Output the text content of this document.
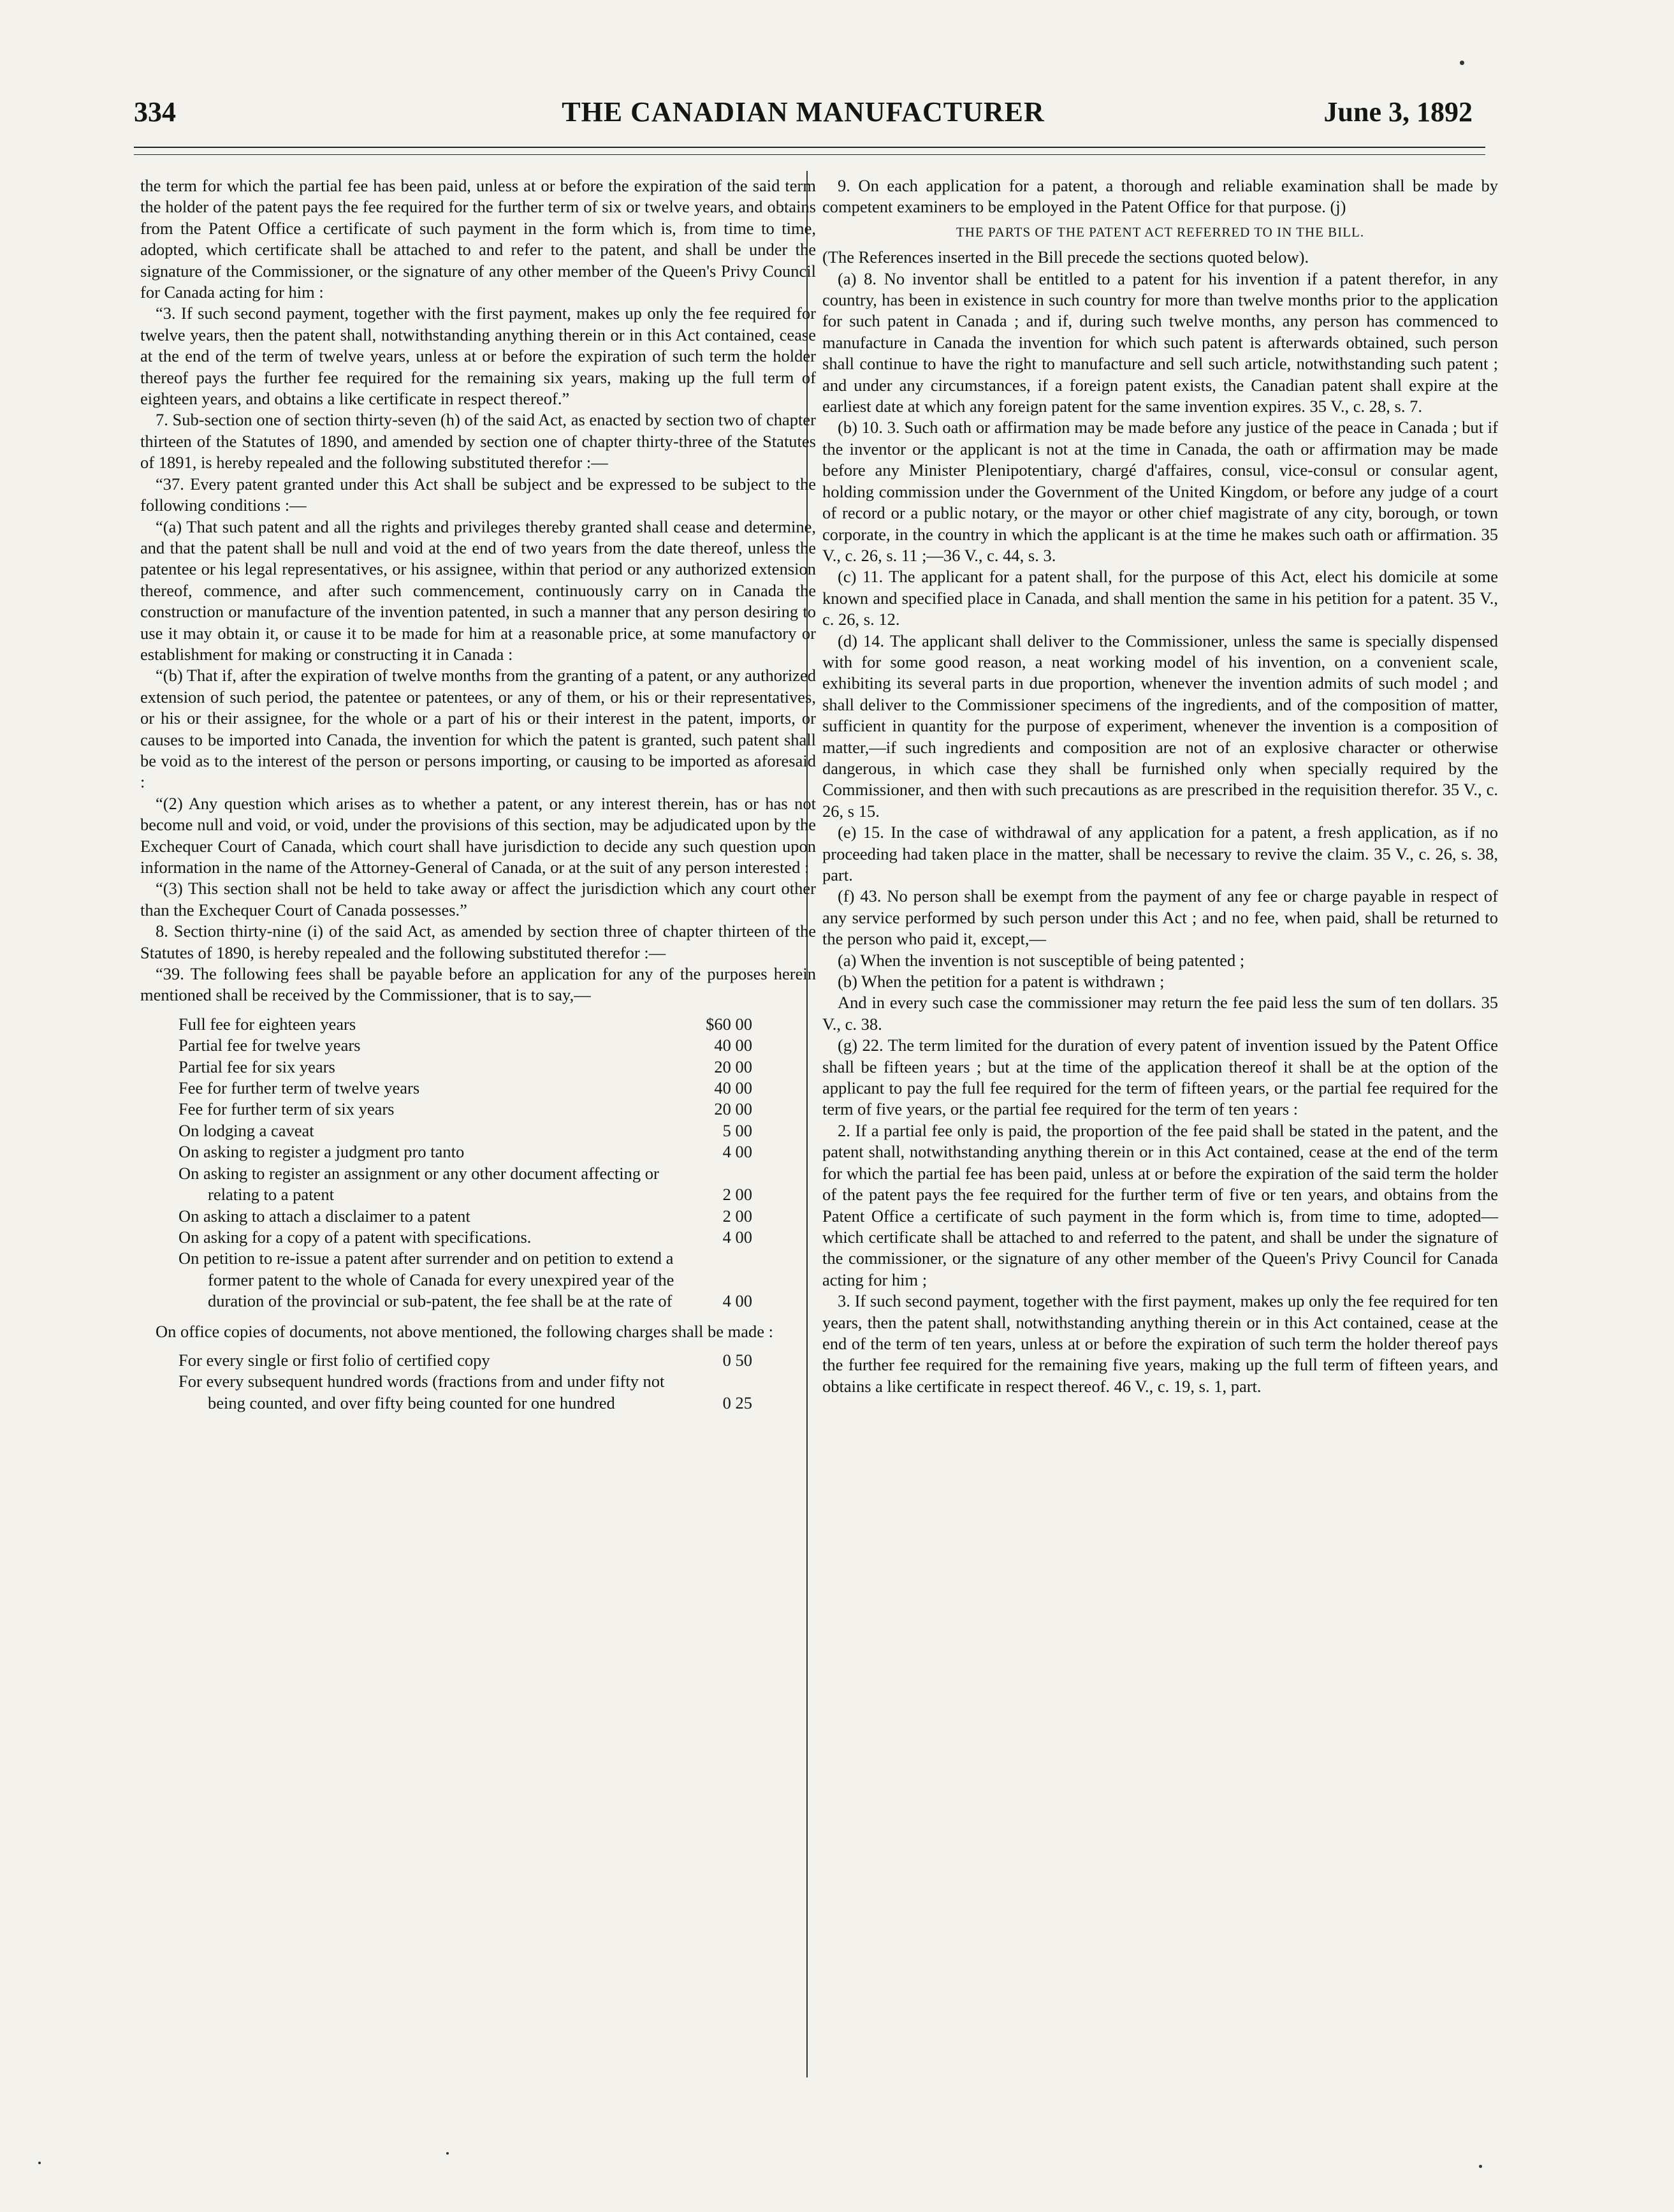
334	THE CANADIAN MANUFACTURER	June 3, 1892

the term for which the partial fee has been paid, unless at or before the expiration of the said term the holder of the patent pays the fee required for the further term of six or twelve years, and obtains from the Patent Office a certificate of such payment in the form which is, from time to time, adopted, which certificate shall be attached to and refer to the patent, and shall be under the signature of the Commissioner, or the signature of any other member of the Queen's Privy Council for Canada acting for him :

“3. If such second payment, together with the first payment, makes up only the fee required for twelve years, then the patent shall, notwithstanding anything therein or in this Act contained, cease at the end of the term of twelve years, unless at or before the expiration of such term the holder thereof pays the further fee required for the remaining six years, making up the full term of eighteen years, and obtains a like certificate in respect thereof.”

7. Sub-section one of section thirty-seven (h) of the said Act, as enacted by section two of chapter thirteen of the Statutes of 1890, and amended by section one of chapter thirty-three of the Statutes of 1891, is hereby repealed and the following substituted therefor :—

“37. Every patent granted under this Act shall be subject and be expressed to be subject to the following conditions :—

“(a) That such patent and all the rights and privileges thereby granted shall cease and determine, and that the patent shall be null and void at the end of two years from the date thereof, unless the patentee or his legal representatives, or his assignee, within that period or any authorized extension thereof, commence, and after such commencement, continuously carry on in Canada the construction or manufacture of the invention patented, in such a manner that any person desiring to use it may obtain it, or cause it to be made for him at a reasonable price, at some manufactory or establishment for making or constructing it in Canada :

“(b) That if, after the expiration of twelve months from the granting of a patent, or any authorized extension of such period, the patentee or patentees, or any of them, or his or their representatives, or his or their assignee, for the whole or a part of his or their interest in the patent, imports, or causes to be imported into Canada, the invention for which the patent is granted, such patent shall be void as to the interest of the person or persons importing, or causing to be imported as aforesaid :

“(2) Any question which arises as to whether a patent, or any interest therein, has or has not become null and void, or void, under the provisions of this section, may be adjudicated upon by the Exchequer Court of Canada, which court shall have jurisdiction to decide any such question upon information in the name of the Attorney-General of Canada, or at the suit of any person interested :

“(3) This section shall not be held to take away or affect the jurisdiction which any court other than the Exchequer Court of Canada possesses.”

8. Section thirty-nine (i) of the said Act, as amended by section three of chapter thirteen of the Statutes of 1890, is hereby repealed and the following substituted therefor :—

“39. The following fees shall be payable before an application for any of the purposes herein mentioned shall be received by the Commissioner, that is to say,—

Full fee for eighteen years	$60 00
Partial fee for twelve years	40 00
Partial fee for six years	20 00
Fee for further term of twelve years	40 00
Fee for further term of six years	20 00
On lodging a caveat	5 00
On asking to register a judgment pro tanto	4 00
On asking to register an assignment or any other document affecting or relating to a patent	2 00
On asking to attach a disclaimer to a patent	2 00
On asking for a copy of a patent with specifications.	4 00
On petition to re-issue a patent after surrender and on petition to extend a former patent to the whole of Canada for every unexpired year of the duration of the provincial or sub-patent, the fee shall be at the rate of	4 00

On office copies of documents, not above mentioned, the following charges shall be made :

For every single or first folio of certified copy	0 50
For every subsequent hundred words (fractions from and under fifty not being counted, and over fifty being counted for one hundred	0 25

9. On each application for a patent, a thorough and reliable examination shall be made by competent examiners to be employed in the Patent Office for that purpose. (j)

THE PARTS OF THE PATENT ACT REFERRED TO IN THE BILL.

(The References inserted in the Bill precede the sections quoted below).

(a) 8. No inventor shall be entitled to a patent for his invention if a patent therefor, in any country, has been in existence in such country for more than twelve months prior to the application for such patent in Canada ; and if, during such twelve months, any person has commenced to manufacture in Canada the invention for which such patent is afterwards obtained, such person shall continue to have the right to manufacture and sell such article, notwithstanding such patent ; and under any circumstances, if a foreign patent exists, the Canadian patent shall expire at the earliest date at which any foreign patent for the same invention expires. 35 V., c. 28, s. 7.

(b) 10. 3. Such oath or affirmation may be made before any justice of the peace in Canada ; but if the inventor or the applicant is not at the time in Canada, the oath or affirmation may be made before any Minister Plenipotentiary, chargé d'affaires, consul, vice-consul or consular agent, holding commission under the Government of the United Kingdom, or before any judge of a court of record or a public notary, or the mayor or other chief magistrate of any city, borough, or town corporate, in the country in which the applicant is at the time he makes such oath or affirmation. 35 V., c. 26, s. 11 ;—36 V., c. 44, s. 3.

(c) 11. The applicant for a patent shall, for the purpose of this Act, elect his domicile at some known and specified place in Canada, and shall mention the same in his petition for a patent. 35 V., c. 26, s. 12.

(d) 14. The applicant shall deliver to the Commissioner, unless the same is specially dispensed with for some good reason, a neat working model of his invention, on a convenient scale, exhibiting its several parts in due proportion, whenever the invention admits of such model ; and shall deliver to the Commissioner specimens of the ingredients, and of the composition of matter, sufficient in quantity for the purpose of experiment, whenever the invention is a composition of matter,—if such ingredients and composition are not of an explosive character or otherwise dangerous, in which case they shall be furnished only when specially required by the Commissioner, and then with such precautions as are prescribed in the requisition therefor. 35 V., c. 26, s 15.

(e) 15. In the case of withdrawal of any application for a patent, a fresh application, as if no proceeding had taken place in the matter, shall be necessary to revive the claim. 35 V., c. 26, s. 38, part.

(f) 43. No person shall be exempt from the payment of any fee or charge payable in respect of any service performed by such person under this Act ; and no fee, when paid, shall be returned to the person who paid it, except,—

(a) When the invention is not susceptible of being patented ;

(b) When the petition for a patent is withdrawn ;

And in every such case the commissioner may return the fee paid less the sum of ten dollars. 35 V., c. 38.

(g) 22. The term limited for the duration of every patent of invention issued by the Patent Office shall be fifteen years ; but at the time of the application thereof it shall be at the option of the applicant to pay the full fee required for the term of fifteen years, or the partial fee required for the term of five years, or the partial fee required for the term of ten years :

2. If a partial fee only is paid, the proportion of the fee paid shall be stated in the patent, and the patent shall, notwithstanding anything therein or in this Act contained, cease at the end of the term for which the partial fee has been paid, unless at or before the expiration of the said term the holder of the patent pays the fee required for the further term of five or ten years, and obtains from the Patent Office a certificate of such payment in the form which is, from time to time, adopted—which certificate shall be attached to and referred to the patent, and shall be under the signature of the commissioner, or the signature of any other member of the Queen's Privy Council for Canada acting for him ;

3. If such second payment, together with the first payment, makes up only the fee required for ten years, then the patent shall, notwithstanding anything therein or in this Act contained, cease at the end of the term of ten years, unless at or before the expiration of such term the holder thereof pays the further fee required for the remaining five years, making up the full term of fifteen years, and obtains a like certificate in respect thereof. 46 V., c. 19, s. 1, part.
